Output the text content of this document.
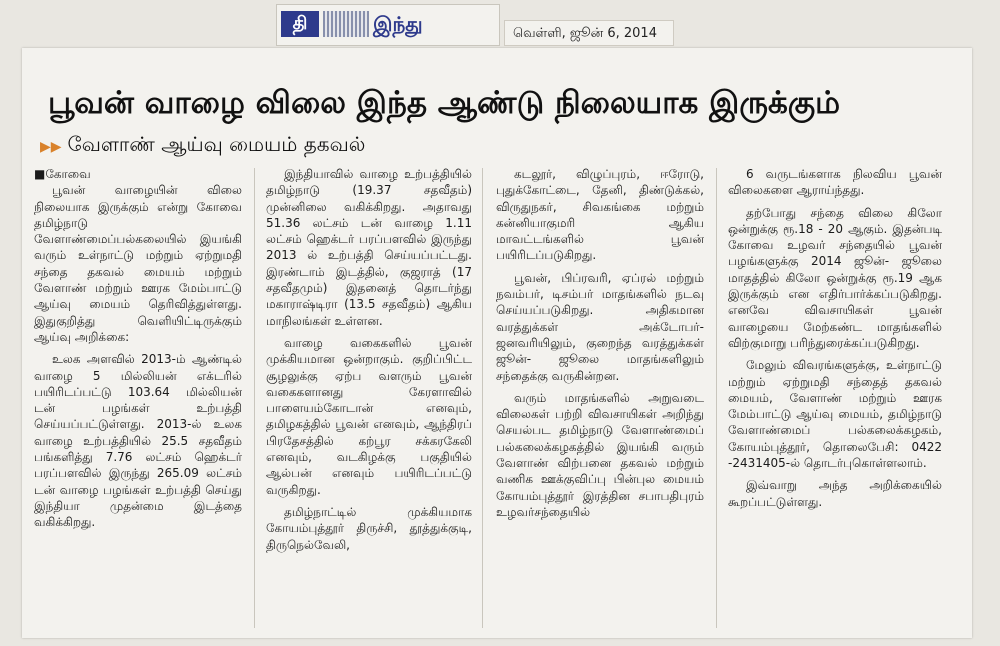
தி	இந்து	வெள்ளி, ஜூன் 6, 2014
பூவன் வாழை விலை இந்த ஆண்டு நிலையாக இருக்கும்
▶▶ வேளாண் ஆய்வு மையம் தகவல்

■கோவை

பூவன் வாழையின் விலை நிலையாக இருக்கும் என்று கோவை தமிழ்நாடு வேளாண்மைப்பல்கலையில் இயங்கி வரும் உள்நாட்டு மற்றும் ஏற்றுமதி சந்தை தகவல் மையம் மற்றும் வேளாண் மற்றும் ஊரக மேம்பாட்டு ஆய்வு மையம் தெரிவித்துள்ளது. இதுகுறித்து வெளியிட்டிருக்கும் ஆய்வு அறிக்கை:

உலக அளவில் 2013-ம் ஆண்டில் வாழை 5 மில்லியன் எக்டரில் பயிரிடப்பட்டு 103.64 மில்லியன் டன் பழங்கள் உற்பத்தி செய்யப்பட்டுள்ளது. 2013-ல் உலக வாழை உற்பத்தியில் 25.5 சதவீதம் பங்களித்து 7.76 லட்சம் ஹெக்டர் பரப்பளவில் இருந்து 265.09 லட்சம் டன் வாழை பழங்கள் உற்பத்தி செய்து இந்தியா முதன்மை இடத்தை வகிக்கிறது.

இந்தியாவில் வாழை உற்பத்தியில் தமிழ்நாடு (19.37 சதவீதம்) முன்னிலை வகிக்கிறது. அதாவது 51.36 லட்சம் டன் வாழை 1.11 லட்சம் ஹெக்டர் பரப்பளவில் இருந்து 2013 ல் உற்பத்தி செய்யப்பட்டது. இரண்டாம் இடத்தில், குஜராத் (17 சதவீதமும்) இதனைத் தொடர்ந்து மகாராஷ்டிரா (13.5 சதவீதம்) ஆகிய மாநிலங்கள் உள்ளன.

வாழை வகைகளில் பூவன் முக்கியமான ஒன்றாகும். குறிப்பிட்ட சூழலுக்கு ஏற்ப வளரும் பூவன் வகைகளானது கேரளாவில் பாளையம்கோடான் எனவும், தமிழகத்தில் பூவன் எனவும், ஆந்திரப் பிரதேசத்தில் கற்பூர சக்கரகேலி எனவும், வடகிழக்கு பகுதியில் ஆல்பன் எனவும் பயிரிடப்பட்டு வருகிறது.

தமிழ்நாட்டில் முக்கியமாக கோயம்புத்தூர் திருச்சி, தூத்துக்குடி, திருநெல்வேலி,

கடலூர், விழுப்புரம், ஈரோடு, புதுக்கோட்டை, தேனி, திண்டுக்கல், விருதுநகர், சிவகங்கை மற்றும் கன்னியாகுமரி ஆகிய மாவட்டங்களில் பூவன் பயிரிடப்படுகிறது.

பூவன், பிப்ரவரி, ஏப்ரல் மற்றும் நவம்பர், டிசம்பர் மாதங்களில் நடவு செய்யப்படுகிறது. அதிகமான வரத்துக்கள் அக்டோபர்- ஜனவரியிலும், குறைந்த வரத்துக்கள் ஜூன்- ஜூலை மாதங்களிலும் சந்தைக்கு வருகின்றன.

வரும் மாதங்களில் அறுவடை விலைகள் பற்றி விவசாயிகள் அறிந்து செயல்பட தமிழ்நாடு வேளாண்மைப் பல்கலைக்கழகத்தில் இயங்கி வரும் வேளாண் விற்பனை தகவல் மற்றும் வணிக ஊக்குவிப்பு பின்புல மையம் கோயம்புத்தூர் இரத்தின சபாபதிபுரம் உழவர்சந்தையில்

6 வருடங்களாக நிலவிய பூவன் விலைகளை ஆராய்ந்தது.

தற்போது சந்தை விலை கிலோ ஒன்றுக்கு ரூ.18 - 20 ஆகும். இதன்படி கோவை உழவர் சந்தையில் பூவன் பழங்களுக்கு 2014 ஜூன்- ஜூலை மாதத்தில் கிலோ ஒன்றுக்கு ரூ.19 ஆக இருக்கும் என எதிர்பார்க்கப்படுகிறது. எனவே விவசாயிகள் பூவன் வாழையை மேற்கண்ட மாதங்களில் விற்குமாறு பரிந்துரைக்கப்படுகிறது.

மேலும் விவரங்களுக்கு, உள்நாட்டு மற்றும் ஏற்றுமதி சந்தைத் தகவல் மையம், வேளாண் மற்றும் ஊரக மேம்பாட்டு ஆய்வு மையம், தமிழ்நாடு வேளாண்மைப் பல்கலைக்கழகம், கோயம்புத்தூர், தொலைபேசி: 0422 -2431405-ல் தொடர்புகொள்ளலாம்.

இவ்வாறு அந்த அறிக்கையில் கூறப்பட்டுள்ளது.
